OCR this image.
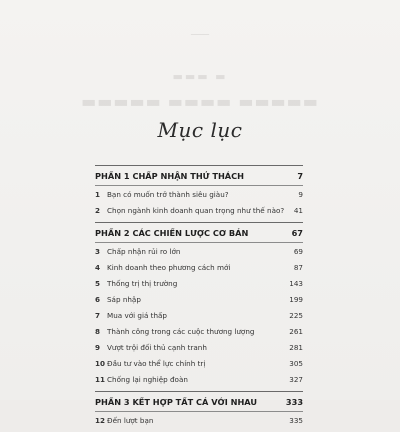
───
▬▬▬ ▬
▬▬▬▬▬ ▬▬▬▬ ▬▬▬▬▬
Mục lục
PHẦN 1 CHẤP NHẬN THỬ THÁCH	7
1 Bạn có muốn trở thành siêu giàu?	9
2 Chọn ngành kinh doanh quan trọng như thế nào?	41
PHẦN 2 CÁC CHIẾN LƯỢC CƠ BẢN	67
3 Chấp nhận rủi ro lớn	69
4 Kinh doanh theo phương cách mới	87
5 Thống trị thị trường	143
6 Sáp nhập	199
7 Mua với giá thấp	225
8 Thành công trong các cuộc thương lượng	261
9 Vượt trội đối thủ cạnh tranh	281
10 Đầu tư vào thể lực chính trị	305
11 Chống lại nghiệp đoàn	327
PHẦN 3 KẾT HỢP TẤT CẢ VỚI NHAU	333
12 Đến lượt bạn	335
